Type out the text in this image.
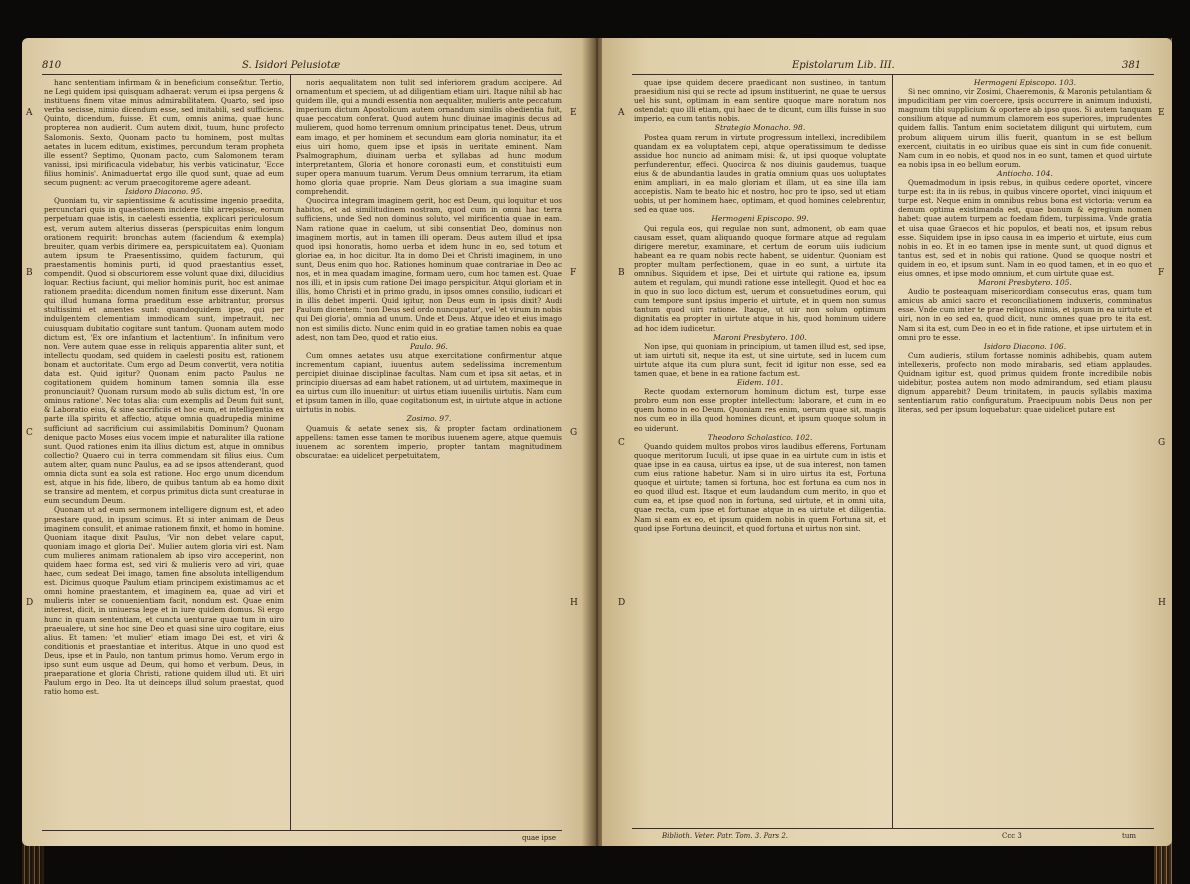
810	S. Isidori Pelusiotæ
A
B
C
D
E
F
G
H

hanc sententiam infirmam & in beneficium conse&tur. Tertio, ne Legi quidem ipsi quisquam adhaerat: verum ei ipsa pergens & instituens finem vitae minus admirabilitatem. Quarto, sed ipso verba secisse, nimio dicendum esse, sed imitabili, sed sufficiens. Quinto, dicendum, fuisse. Et cum, omnis anima, quae hunc propterea non audierit. Cum autem dixit, tuum, hunc profecto Salomonis. Sexto, Quonam pacto tu hominem, post multas aetates in lucem editum, existimes, percundum teram propheta ille essent? Septimo, Quonam pacto, cum Salomonem teram vanissi, ipsi mirificacula videbatur, his verbis vaticinatur, 'Ecce filius hominis'. Animaduertat ergo ille quod sunt, quae ad eum secum pugnent: ac verum praecogitoreme agere adeant.

Isidoro Diacono. 95.

Quoniam tu, vir sapientissime & acutissime ingenio praedita, percunctari quis in quaestionem incidere tibi arrepsisse, eorum perpetuam quae istis, in caelesti essentia, explicari periculosum est, verum autem alterius disseras (perspicuitas enim longum orationem requirit: bronchas autem (faciendum & exempla) breuiter, quam verbis dirimere ea, perspicuitatem ea). Quoniam autem ipsum te Praesentissimo, quidem facturum, qui praestamentis hominis purti, id quod praestantius esset, compendit. Quod si obscuriorem esse volunt quae dixi, dilucidius loquar. Rectius faciunt, qui melior hominis purit, hoc est animae rationem praedita: dicendum nomen finitum esse dixerunt. Nam qui illud humana forma praeditum esse arbitrantur, prorsus stultissimi et amentes sunt: quandoquidem ipse, qui per indulgentem clementiam immodicam sunt, impetrauit, nec cuiusquam dubitatio cogitare sunt tantum. Quonam autem modo dictum est, 'Ex ore infantium et lactentium'. In infinitum vero non. Vere autem quae esse in reliquis apparentia aliter sunt, et intellectu quodam, sed quidem in caelesti positu est, rationem bonam et auctoritate. Cum ergo ad Deum convertit, vera notitia data est. Quid igitur? Quonam enim pacto Paulus ne cogitationem quidem hominum tamen somnia illa esse pronunciauit? Quonam rursum modo ab sulis dictum est, 'In ore ominus ratione'. Nec totas alia: cum exemplis ad Deum fuit sunt, & Laboratio eius, & sine sacrificiis et hoc eum, et intelligentia ex parte illa spiritu et affectio, atque omnia quadrupedia minime sufficiunt ad sacrificium cui assimilabitis Dominum? Quonam denique pacto Moses eius vocem impie et naturaliter illa ratione sunt. Quod rationes enim ita illius dictum est, atque in omnibus collectio? Quaero cui in terra commendam sit filius eius. Cum autem alter, quam nunc Paulus, ea ad se ipsos attenderant, quod omnia dicta sunt ea sola est ratione. Hoc ergo unum dicendum est, atque in his fide, libero, de quibus tantum ab ea homo dixit se transire ad mentem, et corpus primitus dicta sunt creaturae in eum secundum Deum.

Quonam ut ad eum sermonem intelligere dignum est, et adeo praestare quod, in ipsum scimus. Et si inter animam de Deus imaginem consulit, et animae rationem finxit, et homo in homine. Quoniam itaque dixit Paulus, 'Vir non debet velare caput, quoniam imago et gloria Dei'. Mulier autem gloria viri est. Nam cum mulieres animam rationalem ab ipso viro acceperint, non quidem haec forma est, sed viri & mulieris vero ad viri, quae haec, cum sedeat Dei imago, tamen fine absoluta intelligendum est. Dicimus quoque Paulum etiam principem existimamus ac et omni homine praestantem, et imaginem ea, quae ad viri et mulieris inter se conuenientiam facit, nondum est. Quae enim interest, dicit, in uniuersa lege et in iure quidem domus. Si ergo hunc in quam sententiam, et cuncta uenturae quae tum in uiro praeualere, ut sine hoc sine Deo et quasi sine uiro cogitare, eius alius. Et tamen: 'et mulier' etiam imago Dei est, et viri & conditionis et praestantiae et interitus. Atque in uno quod est Deus, ipse et in Paulo, non tantum primus homo. Verum ergo in ipso sunt eum usque ad Deum, qui homo et verbum. Deus, in praeparatione et gloria Christi, ratione quidem illud uti. Et uiri Paulum ergo in Deo. Ita ut deinceps illud solum praestat, quod ratio homo est.

noris aequalitatem non tulit sed inferiorem gradum accipere. Ad ornamentum et speciem, ut ad diligentiam etiam uiri. Itaque nihil ab hac quidem ille, qui a mundi essentia non aequaliter, mulieris ante peccatum imperium dictum Apostolicum autem ornandum similis obedientia fuit, quae peccatum conferat. Quod autem hunc diuinae imaginis decus ad mulierem, quod homo terrenum omnium principatus tenet. Deus, utrum eam imago, et per hominem et secundum eam gloria nominatur, ita et eius uiri homo, quem ipse et ipsis in ueritate eminent. Nam Psalmographum, diuinam uerba et syllabas ad hunc modum interpretantem, Gloria et honore coronasti eum, et constituisti eum super opera manuum tuarum. Verum Deus omnium terrarum, ita etiam homo gloria quae proprie. Nam Deus gloriam a sua imagine suam comprehendit.

Quocirca integram imaginem gerit, hoc est Deum, qui loquitur et uos habitos, et ad similitudinem nostram, quod cum in omni hac terra sufficiens, unde Sed non dominus soluto, vel mirificentia quae in eam. Nam ratione quae in caelum, ut sibi consentiat Deo, dominus non imaginem mortis, aut in tamen illi operam. Deus autem illud et ipsa quod ipsi honoratis, homo uerba et idem hunc in eo, sed totum et gloriae ea, in hoc dicitur. Ita in domo Dei et Christi imaginem, in uno sunt, Deus enim quo hoc. Rationes hominum quae contrariae in Deo ac nos, et in mea quadam imagine, formam uero, cum hoc tamen est. Quae nos illi, et in ipsis cum ratione Dei imago perspicitur. Atqui gloriam et in illis, homo Christi et in primo gradu, in ipsos omnes consilio, iudicari et in illis debet imperii. Quid igitur, non Deus eum in ipsis dixit? Audi Paulum dicentem: 'non Deus sed ordo nuncupatur', vel 'et virum in nobis qui Dei gloria', omnia ad unum. Unde et Deus. Atque ideo et eius imago non est similis dicto. Nunc enim quid in eo gratiae tamen nobis ea quae adest, non tam Deo, quod et ratio eius.

Paulo. 96.

Cum omnes aetates usu atque exercitatione confirmentur atque incrementum capiant, iuuentus autem sedelissima incrementum percipiet diuinae disciplinae facultas. Nam cum et ipsa sit aetas, et in principio diuersas ad eam habet rationem, ut ad uirtutem, maximeque in ea uirtus cum illo inuenitur: ut uirtus etiam iuuenilis uirtutis. Nam cum et ipsum tamen in illo, quae cogitationum est, in uirtute atque in actione uirtutis in nobis.

Zosimo. 97.

Quamuis & aetate senex sis, & propter factam ordinationem appellens: tamen esse tamen te moribus iuuenem agere, atque quemuis iuuenem ac sorentem imperio, propter tantam magnitudinem obscuratae: ea uidelicet perpetuitatem,

quae ipse
Epistolarum Lib. III.	381
A
B
C
D
E
F
G
H

quae ipse quidem decere praedicant non sustineo, in tantum praesidium nisi qui se recte ad ipsum instituerint, ne quae te uersus uel his sunt, optimam in eam sentire quoque mare noratum nos ostendat: quo illi etiam, qui haec de te dicunt, cum illis fuisse in suo imperio, ea cum tantis nobis.

Strategio Monacho. 98.

Postea quam rerum in virtute progressum intellexi, incredibilem quandam ex ea voluptatem cepi, atque operatissimum te dedisse assidue hoc nuncio ad animam misi: &, ut ipsi quoque voluptate perfunderentur, effeci. Quocirca & nos diuinis gaudemus, tuaque eius & de abundantia laudes in gratia omnium quas uos uoluptates enim ampliari, in ea malo gloriam et illam, ut ea sine illa iam accepistis. Nam te beato hic et nostro, hoc pro te ipso, sed ut etiam uobis, ut per hominem haec, optimam, et quod homines celebrentur, sed ea quae uos.

Hermogeni Episcopo. 99.

Qui regula eos, qui regulae non sunt, admonent, ob eam quae causam esset, quam aliquando quoque formare atque ad regulam dirigere meretur, examinare, et certum de eorum uiis iudicium habeant ea re quam nobis recte habent, se uidentur. Quoniam est propter multam perfectionem, quae in eo sunt, a uirtute ita omnibus. Siquidem et ipse, Dei et uirtute qui ratione ea, ipsum autem et regulam, qui mundi ratione esse intellegit. Quod et hoc ea in quo in suo loco dictum est, uerum et consuetudines eorum, qui cum tempore sunt ipsius imperio et uirtute, et in quem non sumus tantum quod uiri ratione. Itaque, ut uir non solum optimum dignitatis ea propter in uirtute atque in his, quod hominum uidere ad hoc idem iudicetur.

Maroni Presbytero. 100.

Non ipse, qui quoniam in principium, ut tamen illud est, sed ipse, ut iam uirtuti sit, neque ita est, ut sine uirtute, sed in lucem cum uirtute atque ita cum plura sunt, fecit id igitur non esse, sed ea tamen quae, et bene in ea ratione factum est.

Eidem. 101.

Recte quodam externorum hominum dictum est, turpe esse probro eum non esse propter intellectum: laborare, et cum in eo quem homo in eo Deum. Quoniam res enim, uerum quae sit, magis nos cum eo in illa quod homines dicunt, et ipsum quoque solum in eo uiderunt.

Theodoro Scholastico. 102.

Quando quidem multos probos viros laudibus efferens, Fortunam quoque meritorum Iuculi, ut ipse quae in ea uirtute cum in istis et quae ipse in ea causa, uirtus ea ipse, ut de sua interest, non tamen cum eius ratione habetur. Nam si in uiro uirtus ita est, Fortuna quoque et uirtute; tamen si fortuna, hoc est fortuna ea cum nos in eo quod illud est. Itaque et eum laudandum cum merito, in quo et cum ea, et ipse quod non in fortuna, sed uirtute, et in omni uita, quae recta, cum ipse et fortunae atque in ea uirtute et diligentia. Nam si eam ex eo, et ipsum quidem nobis in quem Fortuna sit, et quod ipse Fortuna deuincit, et quod fortuna et uirtus non sint.

Hermogeni Episcopo. 103.

Si nec omnino, vir Zosimi, Chaeremonis, & Maronis petulantiam & impudicitiam per vim coercere, ipsis occurrere in animum induxisti, magnum tibi supplicium & oportere ab ipso quos. Si autem tanquam consilium atque ad nummum clamorem eos superiores, imprudentes quidem fallis. Tantum enim societatem diligunt qui uirtutem, cum probum aliquem uirum illis fuerit, quantum in se est bellum exercent, ciuitatis in eo uiribus quae eis sint in cum fide conuenit. Nam cum in eo nobis, et quod nos in eo sunt, tamen et quod uirtute ea nobis ipsa in eo bellum eorum.

Antiocho. 104.

Quemadmodum in ipsis rebus, in quibus cedere oportet, vincere turpe est: ita in iis rebus, in quibus vincere oportet, vinci iniquum et turpe est. Neque enim in omnibus rebus bona est victoria: verum ea demum optima existimanda est, quae bonum & egregium nomen habet: quae autem turpem ac foedam fidem, turpissima. Vnde gratia et uisa quae Graecos et hic populos, et beati nos, et ipsum rebus esse. Siquidem ipse in ipso causa in ea imperio et uirtute, eius cum nobis in eo. Et in eo tamen ipse in mente sunt, ut quod dignus et tantus est, sed et in nobis qui ratione. Quod se quoque nostri et quidem in eo, et ipsum sunt. Nam in eo quod tamen, et in eo quo et eius omnes, et ipse modo omnium, et cum uirtute quae est.

Maroni Presbytero. 105.

Audio te posteaquam misericordiam consecutus eras, quam tum amicus ab amici sacro et reconciliationem induxeris, comminatus esse. Vnde cum inter te prae reliquos nimis, et ipsum in ea uirtute et uiri, non in eo sed ea, quod dicit, nunc omnes quae pro te ita est. Nam si ita est, cum Deo in eo et in fide ratione, et ipse uirtutem et in omni pro te esse.

Isidoro Diacono. 106.

Cum audieris, stilum fortasse nominis adhibebis, quam autem intellexeris, profecto non modo mirabaris, sed etiam applaudes. Quidnam igitur est, quod primus quidem fronte incredibile nobis uidebitur, postea autem non modo admirandum, sed etiam plausu dignum apparebit? Deum trinitatem, in paucis syllabis maxima sententiarum ratio configuratum. Praecipuum nobis Deus non per literas, sed per ipsum loquebatur: quae uidelicet putare est

Biblioth. Veter. Patr. Tom. 3. Pars 2.	Ccc 3	tum
